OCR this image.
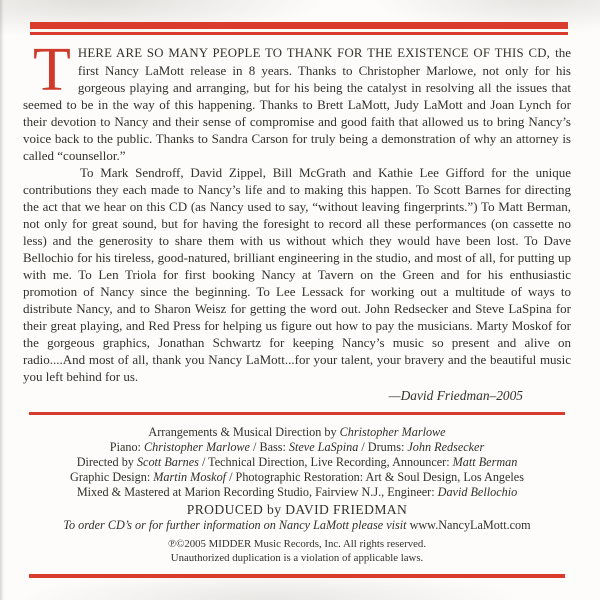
THERE ARE SO MANY PEOPLE TO THANK FOR THE EXISTENCE OF THIS CD, the first Nancy LaMott release in 8 years. Thanks to Christopher Marlowe, not only for his gorgeous playing and arranging, but for his being the catalyst in resolving all the issues that seemed to be in the way of this happening. Thanks to Brett LaMott, Judy LaMott and Joan Lynch for their devotion to Nancy and their sense of compromise and good faith that allowed us to bring Nancy’s voice back to the public. Thanks to Sandra Carson for truly being a demonstration of why an attorney is called “counsellor.”

To Mark Sendroff, David Zippel, Bill McGrath and Kathie Lee Gifford for the unique contributions they each made to Nancy’s life and to making this happen. To Scott Barnes for directing the act that we hear on this CD (as Nancy used to say, “without leaving fingerprints.”) To Matt Berman, not only for great sound, but for having the foresight to record all these performances (on cassette no less) and the generosity to share them with us without which they would have been lost. To Dave Bellochio for his tireless, good-natured, brilliant engineering in the studio, and most of all, for putting up with me. To Len Triola for first booking Nancy at Tavern on the Green and for his enthusiastic promotion of Nancy since the beginning. To Lee Lessack for working out a multitude of ways to distribute Nancy, and to Sharon Weisz for getting the word out. John Redsecker and Steve LaSpina for their great playing, and Red Press for helping us figure out how to pay the musicians. Marty Moskof for the gorgeous graphics, Jonathan Schwartz for keeping Nancy’s music so present and alive on radio....And most of all, thank you Nancy LaMott...for your talent, your bravery and the beautiful music you left behind for us.

—David Friedman–2005
Arrangements & Musical Direction by Christopher Marlowe
Piano: Christopher Marlowe / Bass: Steve LaSpina / Drums: John Redsecker
Directed by Scott Barnes / Technical Direction, Live Recording, Announcer: Matt Berman
Graphic Design: Martin Moskof / Photographic Restoration: Art & Soul Design, Los Angeles
Mixed & Mastered at Marion Recording Studio, Fairview N.J., Engineer: David Bellochio
PRODUCED by DAVID FRIEDMAN
To order CD’s or for further information on Nancy LaMott please visit www.NancyLaMott.com
℗©2005 MIDDER Music Records, Inc. All rights reserved.
Unauthorized duplication is a violation of applicable laws.
